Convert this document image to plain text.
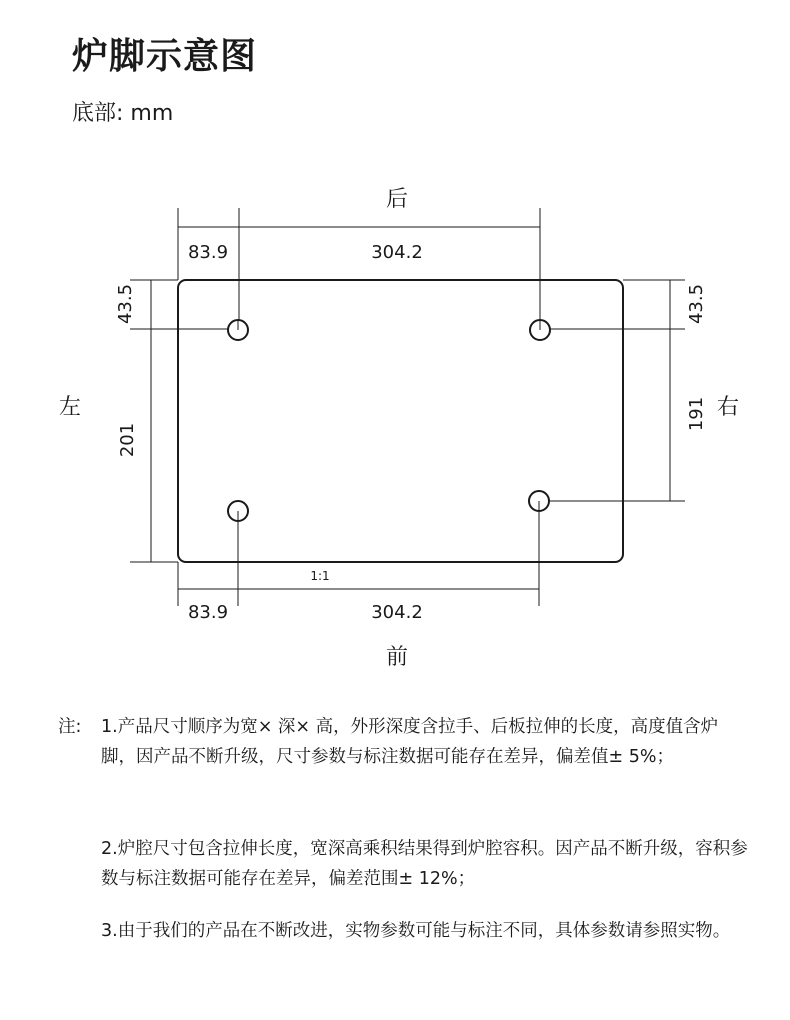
炉脚示意图
底部: mm
后
前
左	右
83.9	304.2
83.9	304.2
1:1
43.5
201
43.5
191
注: 1.产品尺寸顺序为宽× 深× 高，外形深度含拉手、后板拉伸的长度，高度值含炉脚，因产品不断升级，尺寸参数与标注数据可能存在差异，偏差值± 5%；
2.炉腔尺寸包含拉伸长度，宽深高乘积结果得到炉腔容积。因产品不断升级，容积参数与标注数据可能存在差异，偏差范围± 12%；
3.由于我们的产品在不断改进，实物参数可能与标注不同，具体参数请参照实物。
